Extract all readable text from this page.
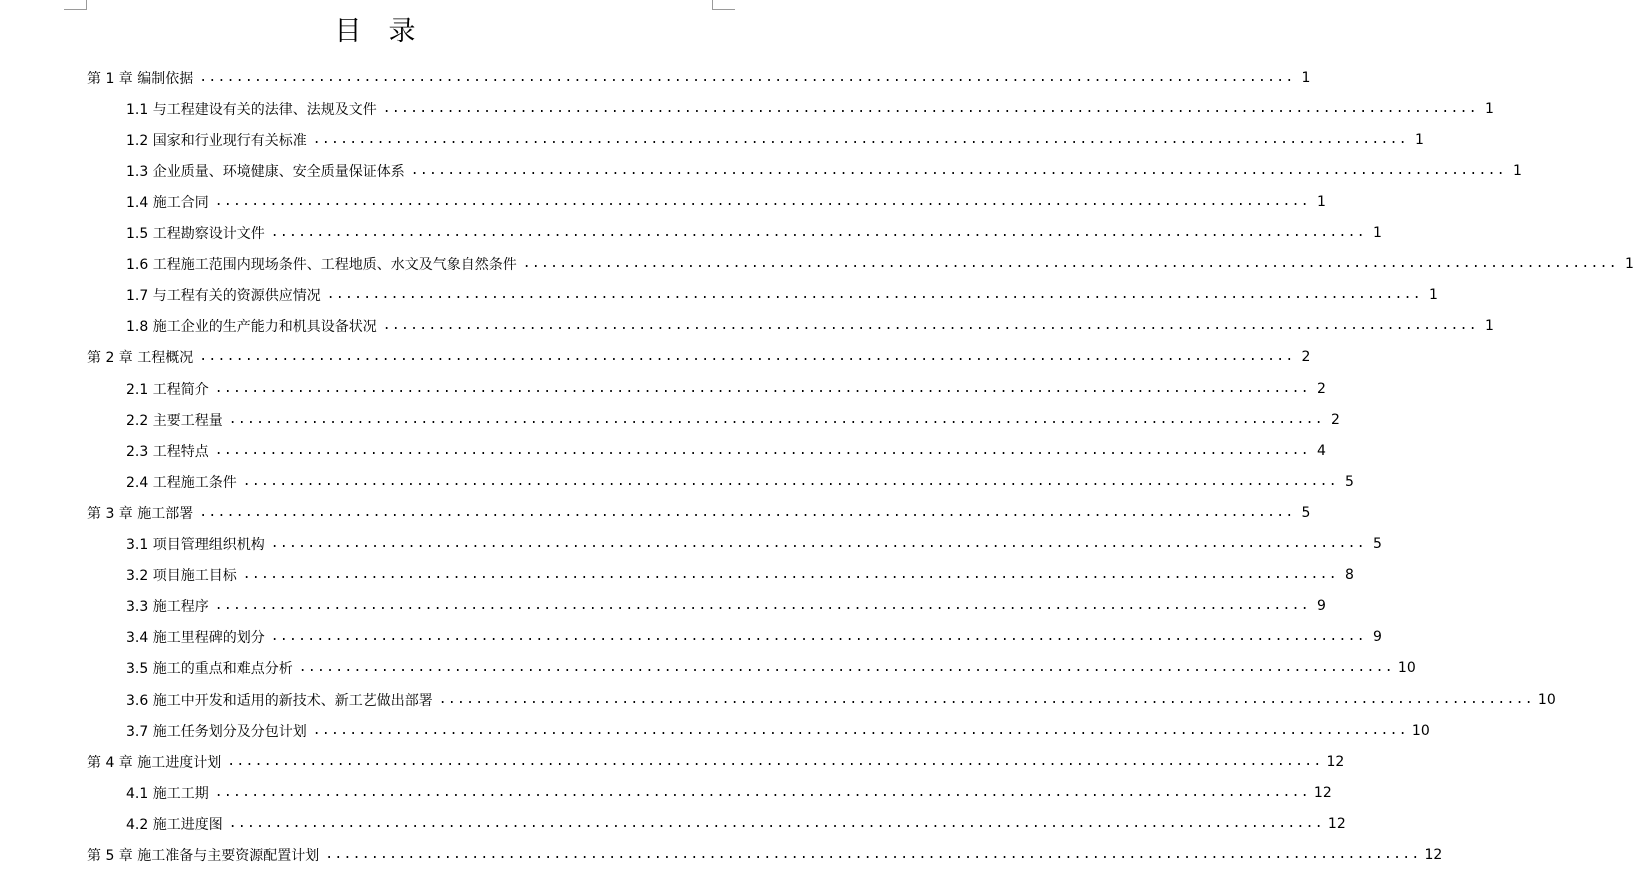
目　录
第 1 章 编制依据 ........................................................................................................................ 1
1.1 与工程建设有关的法律、法规及文件 ........................................................................................................................ 1
1.2 国家和行业现行有关标准 ........................................................................................................................ 1
1.3 企业质量、环境健康、安全质量保证体系 ........................................................................................................................ 1
1.4 施工合同 ........................................................................................................................ 1
1.5 工程勘察设计文件 ........................................................................................................................ 1
1.6 工程施工范围内现场条件、工程地质、水文及气象自然条件 ........................................................................................................................ 1
1.7 与工程有关的资源供应情况 ........................................................................................................................ 1
1.8 施工企业的生产能力和机具设备状况 ........................................................................................................................ 1
第 2 章 工程概况 ........................................................................................................................ 2
2.1 工程简介 ........................................................................................................................ 2
2.2 主要工程量 ........................................................................................................................ 2
2.3 工程特点 ........................................................................................................................ 4
2.4 工程施工条件 ........................................................................................................................ 5
第 3 章 施工部署 ........................................................................................................................ 5
3.1 项目管理组织机构 ........................................................................................................................ 5
3.2 项目施工目标 ........................................................................................................................ 8
3.3 施工程序 ........................................................................................................................ 9
3.4 施工里程碑的划分 ........................................................................................................................ 9
3.5 施工的重点和难点分析 ........................................................................................................................ 10
3.6 施工中开发和适用的新技术、新工艺做出部署 ........................................................................................................................ 10
3.7 施工任务划分及分包计划 ........................................................................................................................ 10
第 4 章 施工进度计划 ........................................................................................................................ 12
4.1 施工工期 ........................................................................................................................ 12
4.2 施工进度图 ........................................................................................................................ 12
第 5 章 施工准备与主要资源配置计划 ........................................................................................................................ 12
